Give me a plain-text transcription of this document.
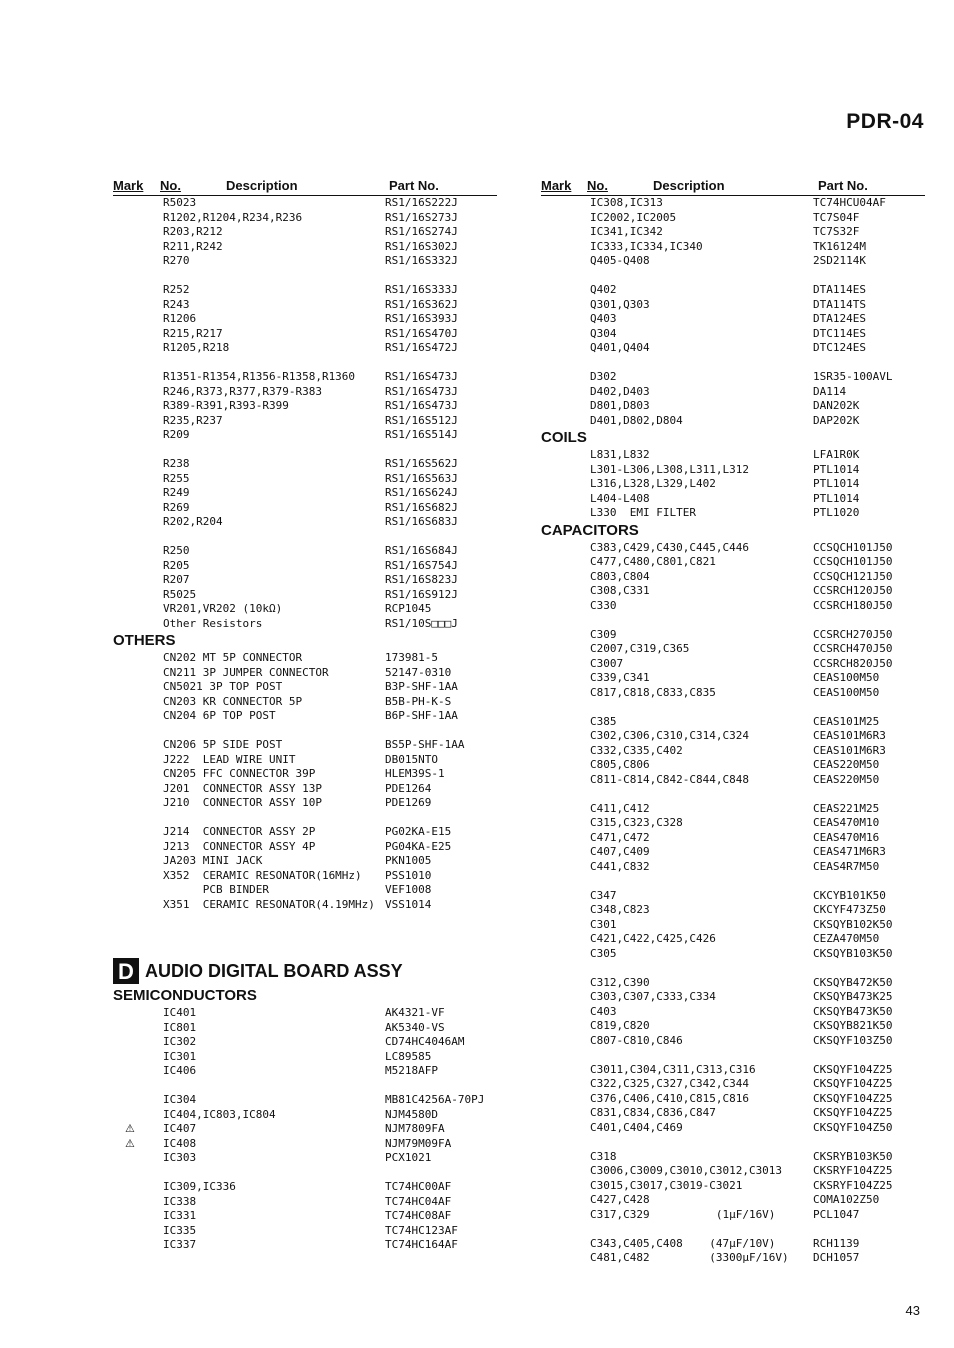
PDR-04
Mark No.	Description	Part No.
R5023	RS1/16S222J
R1202,R1204,R234,R236	RS1/16S273J
R203,R212	RS1/16S274J
R211,R242	RS1/16S302J
R270	RS1/16S332J
R252	RS1/16S333J
R243	RS1/16S362J
R1206	RS1/16S393J
R215,R217	RS1/16S470J
R1205,R218	RS1/16S472J
R1351-R1354,R1356-R1358,R1360	RS1/16S473J
R246,R373,R377,R379-R383	RS1/16S473J
R389-R391,R393-R399	RS1/16S473J
R235,R237	RS1/16S512J
R209	RS1/16S514J
R238	RS1/16S562J
R255	RS1/16S563J
R249	RS1/16S624J
R269	RS1/16S682J
R202,R204	RS1/16S683J
R250	RS1/16S684J
R205	RS1/16S754J
R207	RS1/16S823J
R5025	RS1/16S912J
VR201,VR202 (10kΩ)	RCP1045
Other Resistors	RS1/10S□□□J
OTHERS
CN202 MT 5P CONNECTOR	173981-5
CN211 3P JUMPER CONNECTOR	52147-0310
CN5021 3P TOP POST	B3P-SHF-1AA
CN203 KR CONNECTOR 5P	B5B-PH-K-S
CN204 6P TOP POST	B6P-SHF-1AA
CN206 5P SIDE POST	BS5P-SHF-1AA
J222  LEAD WIRE UNIT	DB015NTO
CN205 FFC CONNECTOR 39P	HLEM39S-1
J201  CONNECTOR ASSY 13P	PDE1264
J210  CONNECTOR ASSY 10P	PDE1269
J214  CONNECTOR ASSY 2P	PG02KA-E15
J213  CONNECTOR ASSY 4P	PG04KA-E25
JA203 MINI JACK	PKN1005
X352  CERAMIC RESONATOR(16MHz) PSS1010
PCB BINDER	VEF1008
X351  CERAMIC RESONATOR(4.19MHz) VSS1014
D AUDIO DIGITAL BOARD ASSY
SEMICONDUCTORS
IC401	AK4321-VF
IC801	AK5340-VS
IC302	CD74HC4046AM
IC301	LC89585
IC406	M5218AFP
IC304	MB81C4256A-70PJ
IC404,IC803,IC804	NJM4580D
⚠	IC407	NJM7809FA
⚠	IC408	NJM79M09FA
IC303	PCX1021
IC309,IC336	TC74HC00AF
IC338	TC74HC04AF
IC331	TC74HC08AF
IC335	TC74HC123AF
IC337	TC74HC164AF
Mark No.	Description	Part No.
IC308,IC313	TC74HCU04AF
IC2002,IC2005	TC7S04F
IC341,IC342	TC7S32F
IC333,IC334,IC340	TK16124M
Q405-Q408	2SD2114K
Q402	DTA114ES
Q301,Q303	DTA114TS
Q403	DTA124ES
Q304	DTC114ES
Q401,Q404	DTC124ES
D302	1SR35-100AVL
D402,D403	DA114
D801,D803	DAN202K
D401,D802,D804	DAP202K
COILS
L831,L832	LFA1R0K
L301-L306,L308,L311,L312	PTL1014
L316,L328,L329,L402	PTL1014
L404-L408	PTL1014
L330  EMI FILTER	PTL1020
CAPACITORS
C383,C429,C430,C445,C446	CCSQCH101J50
C477,C480,C801,C821	CCSQCH101J50
C803,C804	CCSQCH121J50
C308,C331	CCSRCH120J50
C330	CCSRCH180J50
C309	CCSRCH270J50
C2007,C319,C365	CCSRCH470J50
C3007	CCSRCH820J50
C339,C341	CEAS100M50
C817,C818,C833,C835	CEAS100M50
C385	CEAS101M25
C302,C306,C310,C314,C324	CEAS101M6R3
C332,C335,C402	CEAS101M6R3
C805,C806	CEAS220M50
C811-C814,C842-C844,C848	CEAS220M50
C411,C412	CEAS221M25
C315,C323,C328	CEAS470M10
C471,C472	CEAS470M16
C407,C409	CEAS471M6R3
C441,C832	CEAS4R7M50
C347	CKCYB101K50
C348,C823	CKCYF473Z50
C301	CKSQYB102K50
C421,C422,C425,C426	CEZA470M50
C305	CKSQYB103K50
C312,C390	CKSQYB472K50
C303,C307,C333,C334	CKSQYB473K25
C403	CKSQYB473K50
C819,C820	CKSQYB821K50
C807-C810,C846	CKSQYF103Z50
C3011,C304,C311,C313,C316	CKSQYF104Z25
C322,C325,C327,C342,C344	CKSQYF104Z25
C376,C406,C410,C815,C816	CKSQYF104Z25
C831,C834,C836,C847	CKSQYF104Z25
C401,C404,C469	CKSQYF104Z50
C318	CKSRYB103K50
C3006,C3009,C3010,C3012,C3013	CKSRYF104Z25
C3015,C3017,C3019-C3021	CKSRYF104Z25
C427,C428	COMA102Z50
C317,C329          (1μF/16V)	PCL1047
C343,C405,C408    (47μF/10V)	RCH1139
C481,C482         (3300μF/16V) DCH1057
43
